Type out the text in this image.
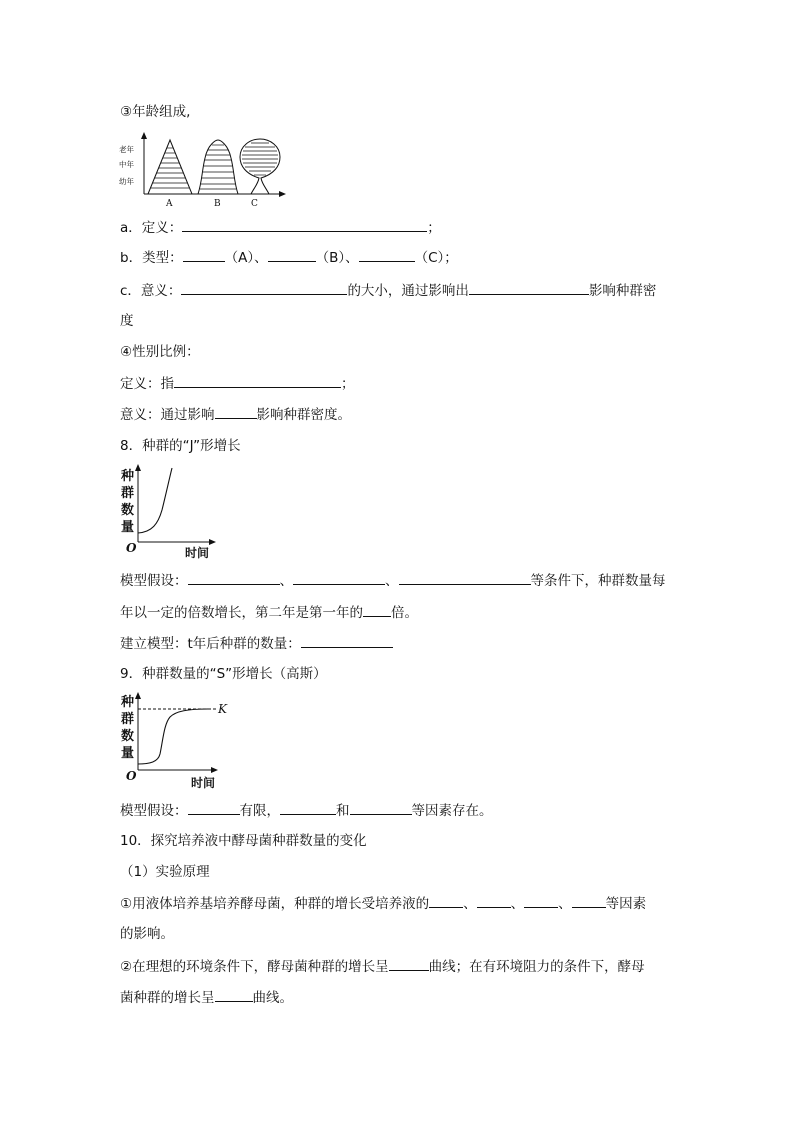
③年龄组成,
老年
中年
幼年
A	B	C
a．定义：	；
b．类型：	（A）、	（B）、	（C）；
c．意义：	的大小，通过影响出	影响种群密
度
④性别比例：
定义：指	；
意义：通过影响	影响种群密度。
8．种群的“J”形增长
种
群
数
量
O	时间
模型假设：	、	、	等条件下，种群数量每
年以一定的倍数增长，第二年是第一年的 倍。
建立模型：t年后种群的数量：
9．种群数量的“S”形增长（高斯）
K
种
群
数
量
O	时间
模型假设：	有限，	和	等因素存在。
10．探究培养液中酵母菌种群数量的变化
（1）实验原理
①用液体培养基培养酵母菌，种群的增长受培养液的	、	、	、	等因素
的影响。
②在理想的环境条件下，酵母菌种群的增长呈	曲线；在有环境阻力的条件下，酵母
菌种群的增长呈	曲线。
